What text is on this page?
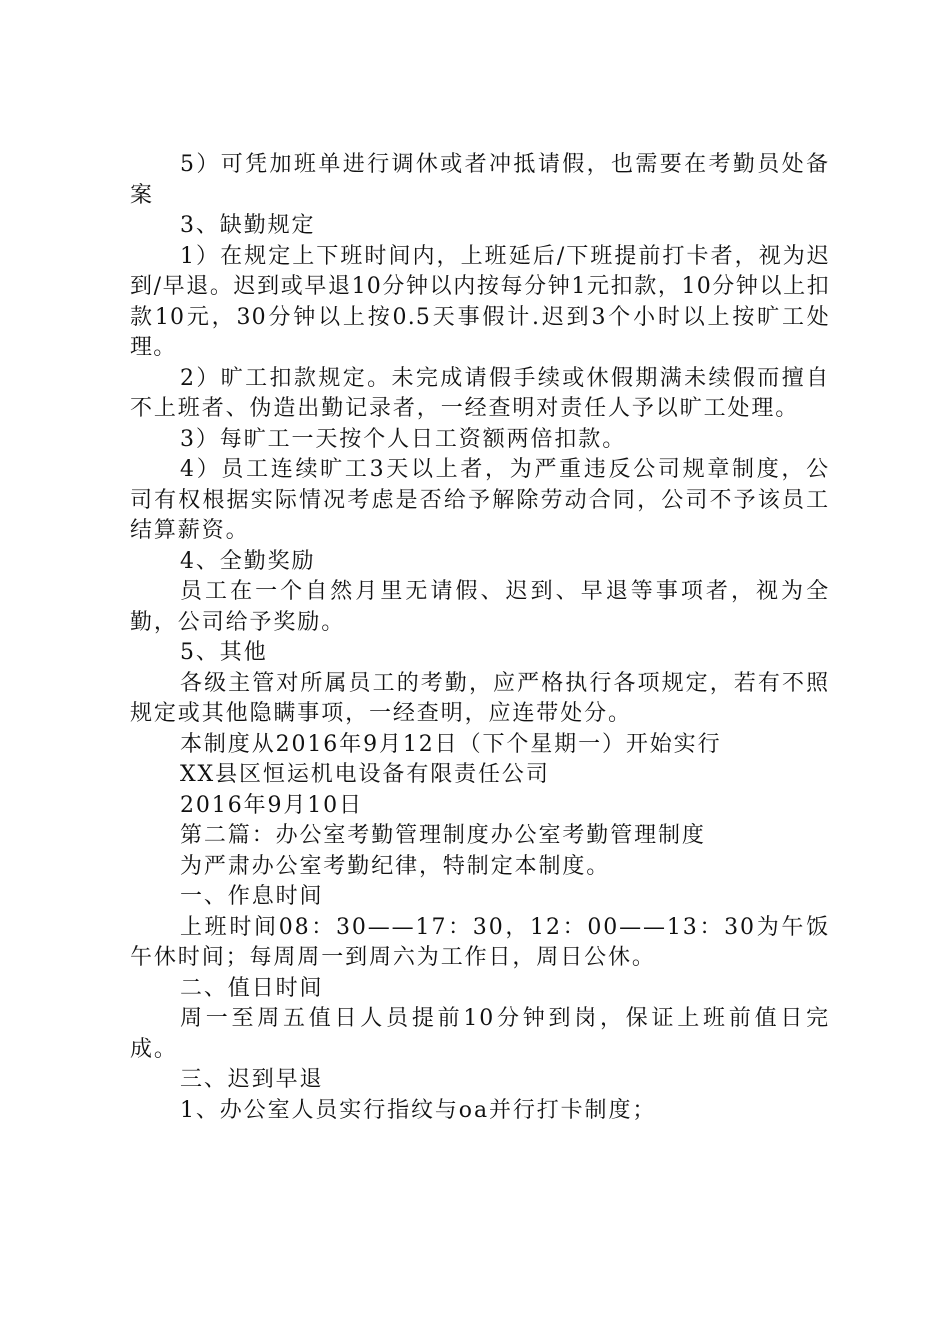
5）可凭加班单进行调休或者冲抵请假，也需要在考勤员处备案

3、缺勤规定

1）在规定上下班时间内，上班延后/下班提前打卡者，视为迟到/早退。迟到或早退10分钟以内按每分钟1元扣款，10分钟以上扣款10元，30分钟以上按0.5天事假计.迟到3个小时以上按旷工处理。

2）旷工扣款规定。未完成请假手续或休假期满未续假而擅自不上班者、伪造出勤记录者，一经查明对责任人予以旷工处理。

3）每旷工一天按个人日工资额两倍扣款。

4）员工连续旷工3天以上者，为严重违反公司规章制度，公司有权根据实际情况考虑是否给予解除劳动合同，公司不予该员工结算薪资。

4、全勤奖励

员工在一个自然月里无请假、迟到、早退等事项者，视为全勤，公司给予奖励。

5、其他

各级主管对所属员工的考勤，应严格执行各项规定，若有不照规定或其他隐瞒事项，一经查明，应连带处分。

本制度从2016年9月12日（下个星期一）开始实行

XX县区恒运机电设备有限责任公司

2016年9月10日

第二篇：办公室考勤管理制度办公室考勤管理制度

为严肃办公室考勤纪律，特制定本制度。

一、作息时间

上班时间08：30——17：30，12：00——13：30为午饭午休时间；每周周一到周六为工作日，周日公休。

二、值日时间

周一至周五值日人员提前10分钟到岗，保证上班前值日完成。

三、迟到早退

1、办公室人员实行指纹与oa并行打卡制度；
